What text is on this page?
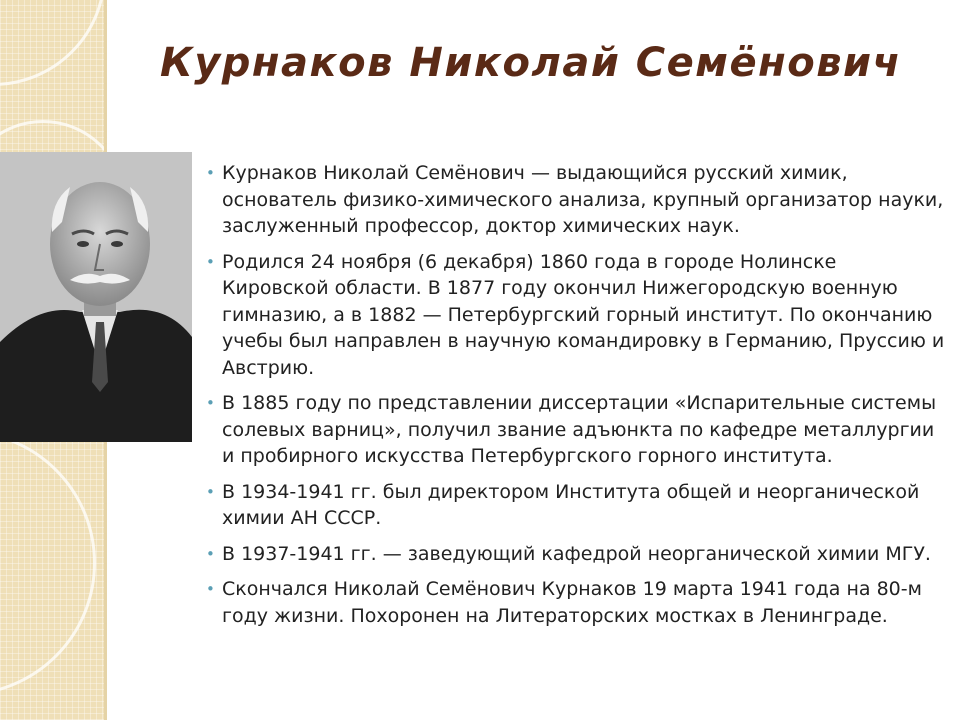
Курнаков Николай Семёнович
• Курнаков Николай Семёнович — выдающийся русский химик, основатель физико-химического анализа, крупный организатор науки, заслуженный профессор, доктор химических наук.
• Родился 24 ноября (6 декабря) 1860 года в городе Нолинске Кировской области. В 1877 году окончил Нижегородскую военную гимназию, а в 1882 — Петербургский горный институт. По окончанию учебы был направлен в научную командировку в Германию, Пруссию и Австрию.
• В 1885 году по представлении диссертации «Испарительные системы солевых варниц», получил звание адъюнкта по кафедре металлургии и пробирного искусства Петербургского горного института.
• В 1934-1941 гг. был директором Института общей и неорганической химии АН СССР.
• В 1937-1941 гг. — заведующий кафедрой неорганической химии МГУ.
• Скончался Николай Семёнович Курнаков 19 марта 1941 года на 80-м году жизни. Похоронен на Литераторских мостках в Ленинграде.
